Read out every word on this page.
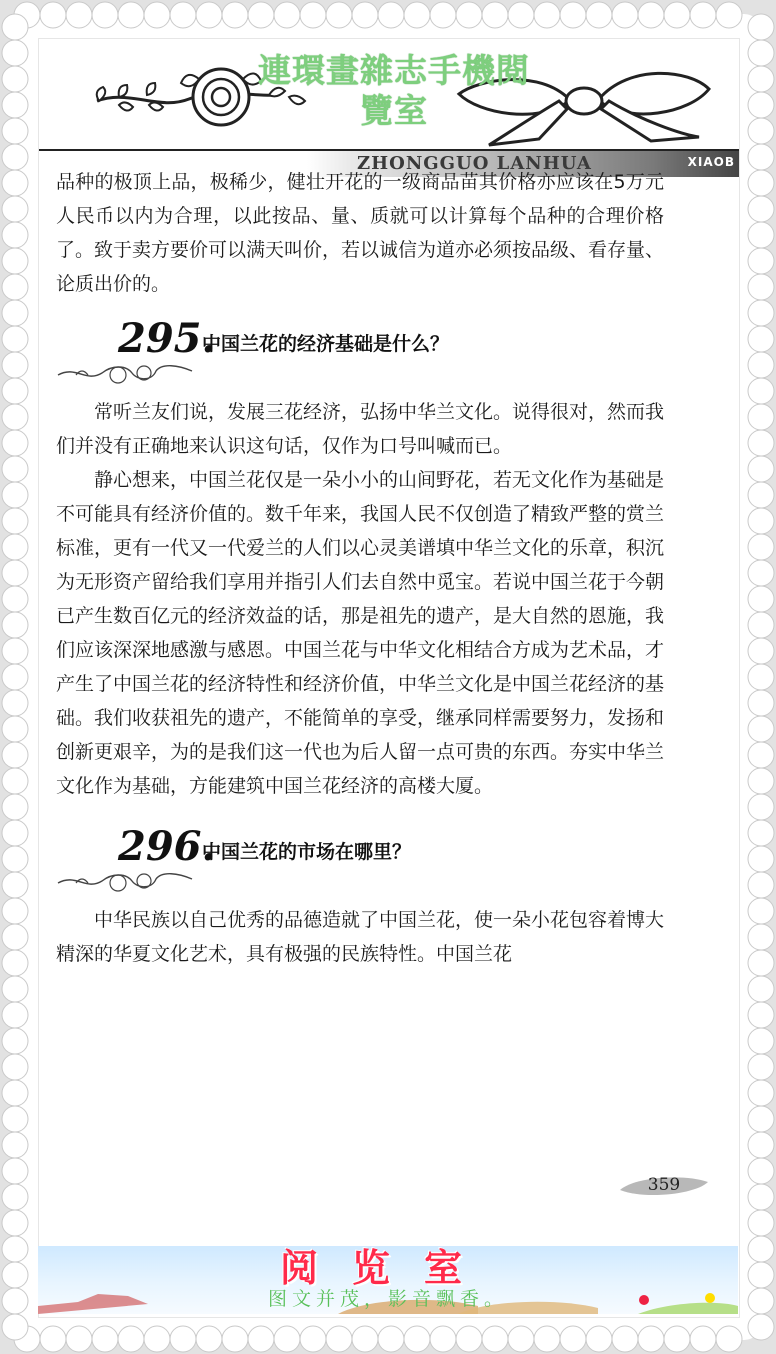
連環畫雜志手機閱
覽室
ZHONGGUO LANHUA	XIAOB

品种的极顶上品，极稀少，健壮开花的一级商品苗其价格亦应该在5万元人民币以内为合理，以此按品、量、质就可以计算每个品种的合理价格了。致于卖方要价可以满天叫价，若以诚信为道亦必须按品级、看存量、论质出价的。

295.
中国兰花的经济基础是什么？

常听兰友们说，发展三花经济，弘扬中华兰文化。说得很对，然而我们并没有正确地来认识这句话，仅作为口号叫喊而已。

静心想来，中国兰花仅是一朵小小的山间野花，若无文化作为基础是不可能具有经济价值的。数千年来，我国人民不仅创造了精致严整的赏兰标准，更有一代又一代爱兰的人们以心灵美谱填中华兰文化的乐章，积沉为无形资产留给我们享用并指引人们去自然中觅宝。若说中国兰花于今朝已产生数百亿元的经济效益的话，那是祖先的遗产，是大自然的恩施，我们应该深深地感激与感恩。中国兰花与中华文化相结合方成为艺术品，才产生了中国兰花的经济特性和经济价值，中华兰文化是中国兰花经济的基础。我们收获祖先的遗产，不能简单的享受，继承同样需要努力，发扬和创新更艰辛，为的是我们这一代也为后人留一点可贵的东西。夯实中华兰文化作为基础，方能建筑中国兰花经济的高楼大厦。

296.
中国兰花的市场在哪里？

中华民族以自己优秀的品德造就了中国兰花，使一朵小花包容着博大精深的华夏文化艺术，具有极强的民族特性。中国兰花

359
阅览室
图文并茂，影音飘香。
